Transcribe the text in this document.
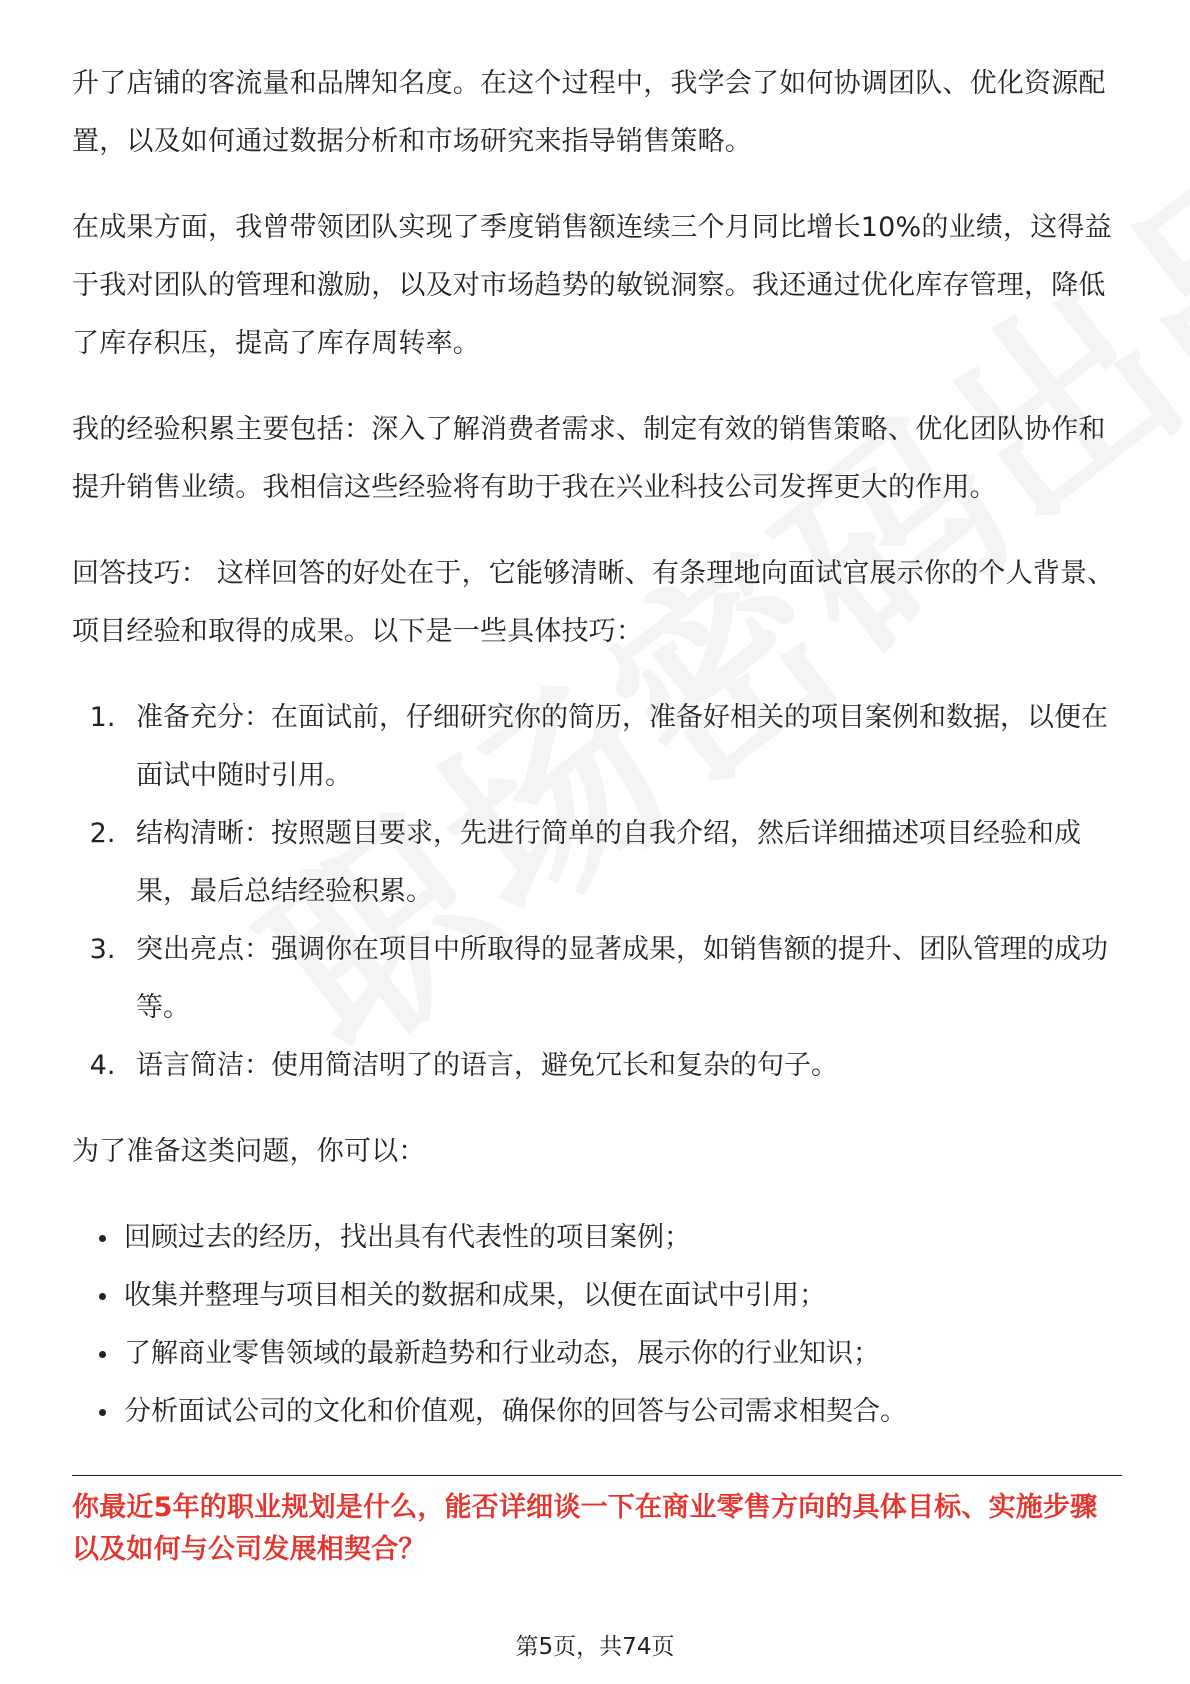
升了店铺的客流量和品牌知名度。在这个过程中，我学会了如何协调团队、优化资源配置，以及如何通过数据分析和市场研究来指导销售策略。

在成果方面，我曾带领团队实现了季度销售额连续三个月同比增长10%的业绩，这得益于我对团队的管理和激励，以及对市场趋势的敏锐洞察。我还通过优化库存管理，降低了库存积压，提高了库存周转率。

我的经验积累主要包括：深入了解消费者需求、制定有效的销售策略、优化团队协作和提升销售业绩。我相信这些经验将有助于我在兴业科技公司发挥更大的作用。

回答技巧： 这样回答的好处在于，它能够清晰、有条理地向面试官展示你的个人背景、项目经验和取得的成果。以下是一些具体技巧：

1. 准备充分：在面试前，仔细研究你的简历，准备好相关的项目案例和数据，以便在面试中随时引用。
2. 结构清晰：按照题目要求，先进行简单的自我介绍，然后详细描述项目经验和成果，最后总结经验积累。
3. 突出亮点：强调你在项目中所取得的显著成果，如销售额的提升、团队管理的成功等。
4. 语言简洁：使用简洁明了的语言，避免冗长和复杂的句子。

为了准备这类问题，你可以：

回顾过去的经历，找出具有代表性的项目案例；
收集并整理与项目相关的数据和成果，以便在面试中引用；
了解商业零售领域的最新趋势和行业动态，展示你的行业知识；
分析面试公司的文化和价值观，确保你的回答与公司需求相契合。

你最近5年的职业规划是什么，能否详细谈一下在商业零售方向的具体目标、实施步骤以及如何与公司发展相契合？

第5页，共74页
